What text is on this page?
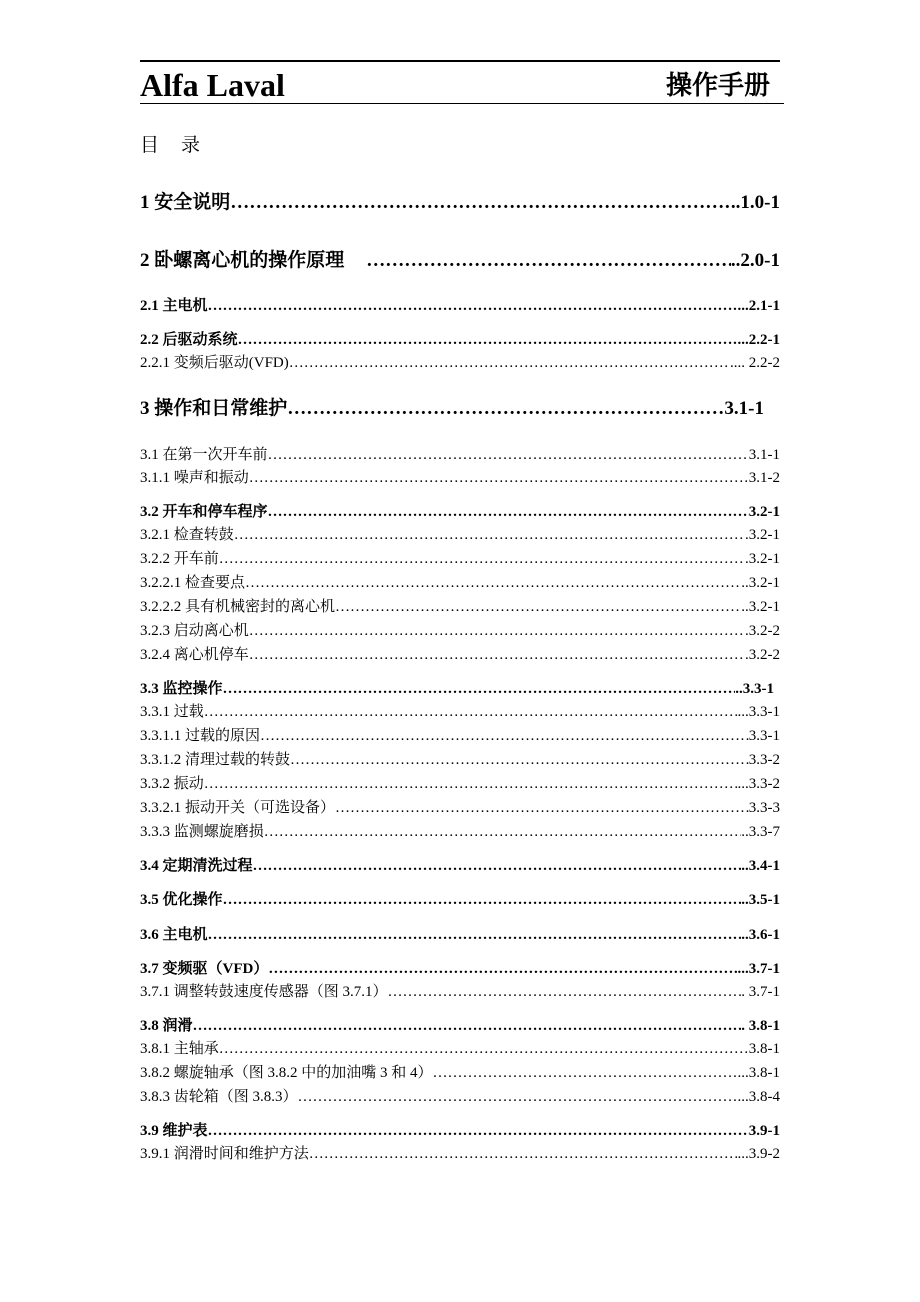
Alfa Laval	操作手册
目录
1 安全说明 ……………………………………………………………………………………………………………………………………………………………………………………………………………………	..1.0-1
2 卧螺离心机的操作原理 ……………………………………………………………………………………………………………………………………………………………………………………………………………………	..2.0-1
2.1 主电机 ……………………………………………………………………………………………………………………………………………………………………………………………………………………	...2.1-1
2.2 后驱动系统 ……………………………………………………………………………………………………………………………………………………………………………………………………………………	...2.2-1
2.2.1 变频后驱动(VFD) ……………………………………………………………………………………………………………………………………………………………………………………………………………………	.... 2.2-2
3 操作和日常维护 ……………………………………………………………………………………………………………………………………………………………………………………………………………………	3.1-1
3.1 在第一次开车前 ……………………………………………………………………………………………………………………………………………………………………………………………………………………	3.1-1
3.1.1 噪声和振动 ……………………………………………………………………………………………………………………………………………………………………………………………………………………	3.1-2
3.2 开车和停车程序 ……………………………………………………………………………………………………………………………………………………………………………………………………………………	3.2-1
3.2.1 检查转鼓 ……………………………………………………………………………………………………………………………………………………………………………………………………………………	.3.2-1
3.2.2 开车前 ……………………………………………………………………………………………………………………………………………………………………………………………………………………	.3.2-1
3.2.2.1 检查要点 ……………………………………………………………………………………………………………………………………………………………………………………………………………………	..3.2-1
3.2.2.2 具有机械密封的离心机 ……………………………………………………………………………………………………………………………………………………………………………………………………………………	..3.2-1
3.2.3 启动离心机 ……………………………………………………………………………………………………………………………………………………………………………………………………………………	.3.2-2
3.2.4 离心机停车 ……………………………………………………………………………………………………………………………………………………………………………………………………………………	.3.2-2
3.3 监控操作 ……………………………………………………………………………………………………………………………………………………………………………………………………………………	..3.3-1
3.3.1 过载 ……………………………………………………………………………………………………………………………………………………………………………………………………………………	...3.3-1
3.3.1.1 过载的原因 ……………………………………………………………………………………………………………………………………………………………………………………………………………………	3.3-1
3.3.1.2 清理过载的转鼓 ……………………………………………………………………………………………………………………………………………………………………………………………………………………	3.3-2
3.3.2 振动 ……………………………………………………………………………………………………………………………………………………………………………………………………………………	...3.3-2
3.3.2.1 振动开关（可选设备） ……………………………………………………………………………………………………………………………………………………………………………………………………………………	3.3-3
3.3.3 监测螺旋磨损 ……………………………………………………………………………………………………………………………………………………………………………………………………………………	..3.3-7
3.4 定期清洗过程 ……………………………………………………………………………………………………………………………………………………………………………………………………………………	..3.4-1
3.5 优化操作 ……………………………………………………………………………………………………………………………………………………………………………………………………………………	..3.5-1
3.6 主电机 ……………………………………………………………………………………………………………………………………………………………………………………………………………………	..3.6-1
3.7 变频驱（VFD） ……………………………………………………………………………………………………………………………………………………………………………………………………………………	...3.7-1
3.7.1 调整转鼓速度传感器（图 3.7.1） ……………………………………………………………………………………………………………………………………………………………………………………………………………………	. 3.7-1
3.8 润滑 ……………………………………………………………………………………………………………………………………………………………………………………………………………………	. 3.8-1
3.8.1 主轴承 ……………………………………………………………………………………………………………………………………………………………………………………………………………………	3.8-1
3.8.2 螺旋轴承（图 3.8.2 中的加油嘴 3 和 4） ……………………………………………………………………………………………………………………………………………………………………………………………………………………	...3.8-1
3.8.3 齿轮箱（图 3.8.3） ……………………………………………………………………………………………………………………………………………………………………………………………………………………	...3.8-4
3.9 维护表 ……………………………………………………………………………………………………………………………………………………………………………………………………………………	3.9-1
3.9.1 润滑时间和维护方法 ……………………………………………………………………………………………………………………………………………………………………………………………………………………	...3.9-2
